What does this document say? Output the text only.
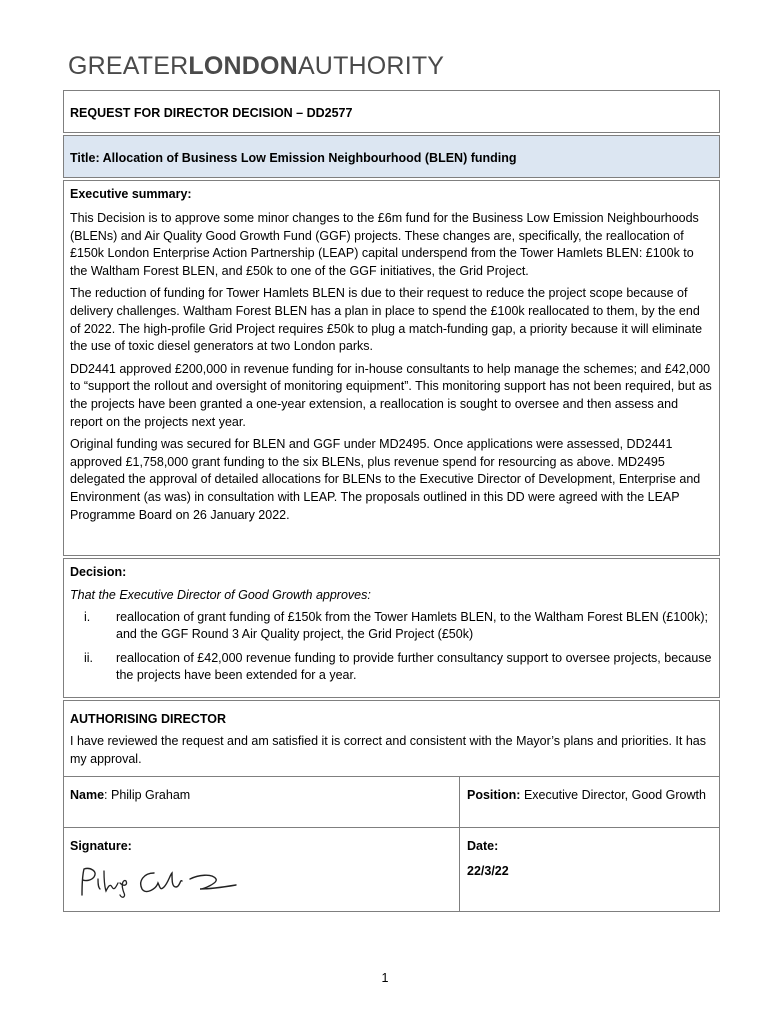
GREATERLONDONAUTHORITY
REQUEST FOR DIRECTOR DECISION – DD2577
Title: Allocation of Business Low Emission Neighbourhood (BLEN) funding
Executive summary:

This Decision is to approve some minor changes to the £6m fund for the Business Low Emission Neighbourhoods (BLENs) and Air Quality Good Growth Fund (GGF) projects. These changes are, specifically, the reallocation of £150k London Enterprise Action Partnership (LEAP) capital underspend from the Tower Hamlets BLEN: £100k to the Waltham Forest BLEN, and £50k to one of the GGF initiatives, the Grid Project.

The reduction of funding for Tower Hamlets BLEN is due to their request to reduce the project scope because of delivery challenges. Waltham Forest BLEN has a plan in place to spend the £100k reallocated to them, by the end of 2022. The high-profile Grid Project requires £50k to plug a match-funding gap, a priority because it will eliminate the use of toxic diesel generators at two London parks.

DD2441 approved £200,000 in revenue funding for in-house consultants to help manage the schemes; and £42,000 to “support the rollout and oversight of monitoring equipment”. This monitoring support has not been required, but as the projects have been granted a one-year extension, a reallocation is sought to oversee and then assess and report on the projects next year.

Original funding was secured for BLEN and GGF under MD2495. Once applications were assessed, DD2441 approved £1,758,000 grant funding to the six BLENs, plus revenue spend for resourcing as above. MD2495 delegated the approval of detailed allocations for BLENs to the Executive Director of Development, Enterprise and Environment (as was) in consultation with LEAP. The proposals outlined in this DD were agreed with the LEAP Programme Board on 26 January 2022.

Decision:

That the Executive Director of Good Growth approves:

i.	reallocation of grant funding of £150k from the Tower Hamlets BLEN, to the Waltham Forest BLEN (£100k); and the GGF Round 3 Air Quality project, the Grid Project (£50k)
ii.	reallocation of £42,000 revenue funding to provide further consultancy support to oversee projects, because the projects have been extended for a year.
AUTHORISING DIRECTOR

I have reviewed the request and am satisfied it is correct and consistent with the Mayor’s plans and priorities. It has my approval.

Name: Philip Graham	Position: Executive Director, Good Growth
Signature:	Date:
22/3/22
1
